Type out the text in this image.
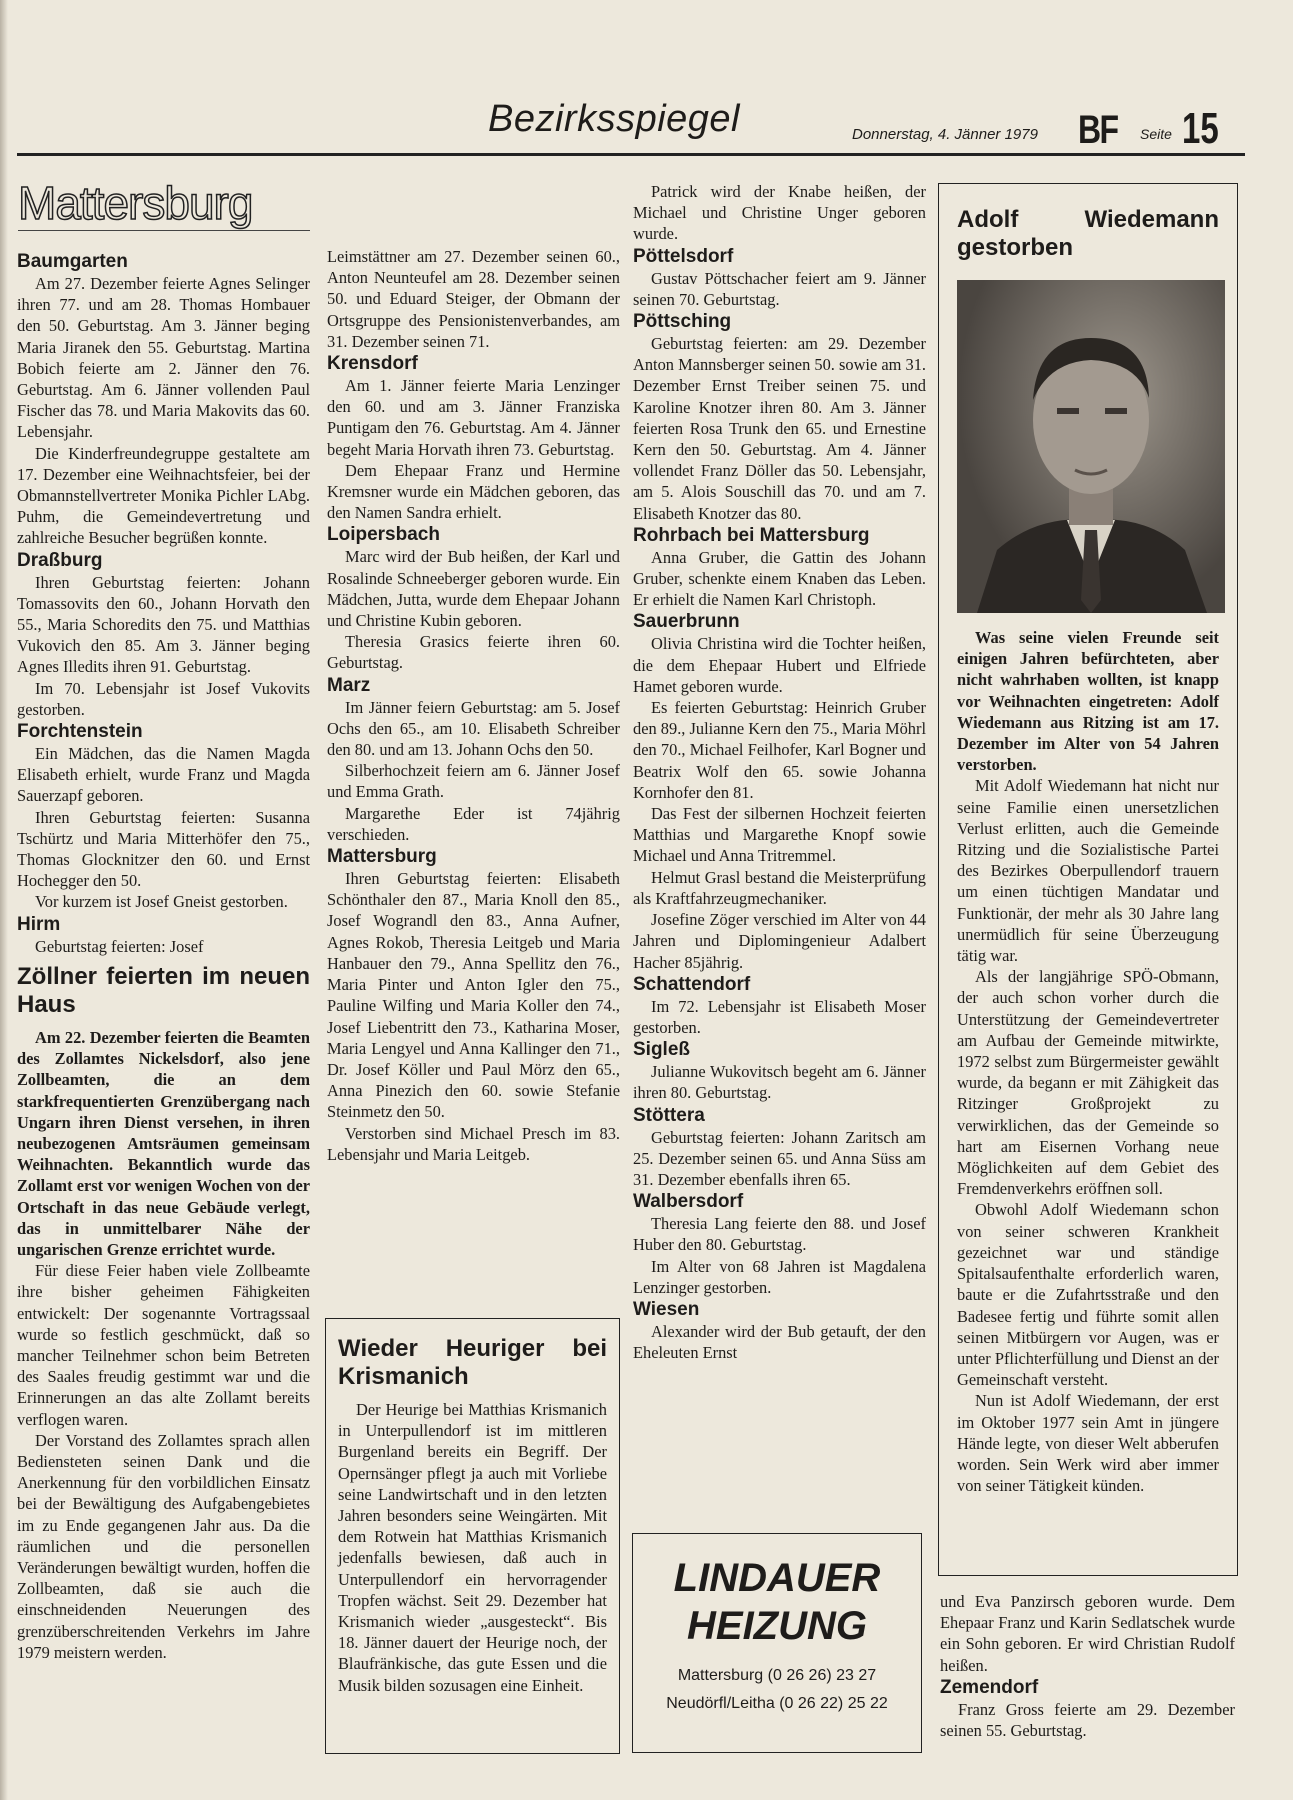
Bezirksspiegel	Donnerstag, 4. Jänner 1979 BF Seite 15
Mattersburg
Baumgarten

Am 27. Dezember feierte Agnes Selinger ihren 77. und am 28. Thomas Hombauer den 50. Geburtstag. Am 3. Jänner beging Maria Jiranek den 55. Geburtstag. Martina Bobich feierte am 2. Jänner den 76. Geburtstag. Am 6. Jänner vollenden Paul Fischer das 78. und Maria Makovits das 60. Lebensjahr.

Die Kinderfreundegruppe gestaltete am 17. Dezember eine Weihnachtsfeier, bei der Obmannstellvertreter Monika Pichler LAbg. Puhm, die Gemeindevertretung und zahlreiche Besucher begrüßen konnte.

Draßburg

Ihren Geburtstag feierten: Johann Tomassovits den 60., Johann Horvath den 55., Maria Schoredits den 75. und Matthias Vukovich den 85. Am 3. Jänner beging Agnes Illedits ihren 91. Geburtstag.

Im 70. Lebensjahr ist Josef Vukovits gestorben.

Forchtenstein

Ein Mädchen, das die Namen Magda Elisabeth erhielt, wurde Franz und Magda Sauerzapf geboren.

Ihren Geburtstag feierten: Susanna Tschürtz und Maria Mitterhöfer den 75., Thomas Glocknitzer den 60. und Ernst Hochegger den 50.

Vor kurzem ist Josef Gneist gestorben.

Hirm

Geburtstag feierten: Josef

Zöllner feierten im neuen Haus

Am 22. Dezember feierten die Beamten des Zollamtes Nickelsdorf, also jene Zollbeamten, die an dem starkfrequentierten Grenzübergang nach Ungarn ihren Dienst versehen, in ihren neubezogenen Amtsräumen gemeinsam Weihnachten. Bekanntlich wurde das Zollamt erst vor wenigen Wochen von der Ortschaft in das neue Gebäude verlegt, das in unmittelbarer Nähe der ungarischen Grenze errichtet wurde.

Für diese Feier haben viele Zollbeamte ihre bisher geheimen Fähigkeiten entwickelt: Der sogenannte Vortragssaal wurde so festlich geschmückt, daß so mancher Teilnehmer schon beim Betreten des Saales freudig gestimmt war und die Erinnerungen an das alte Zollamt bereits verflogen waren.

Der Vorstand des Zollamtes sprach allen Bediensteten seinen Dank und die Anerkennung für den vorbildlichen Einsatz bei der Bewältigung des Aufgabengebietes im zu Ende gegangenen Jahr aus. Da die räumlichen und die personellen Veränderungen bewältigt wurden, hoffen die Zollbeamten, daß sie auch die einschneidenden Neuerungen des grenzüberschreitenden Verkehrs im Jahre 1979 meistern werden.

Leimstättner am 27. Dezember seinen 60., Anton Neunteufel am 28. Dezember seinen 50. und Eduard Steiger, der Obmann der Ortsgruppe des Pensionistenverbandes, am 31. Dezember seinen 71.

Krensdorf

Am 1. Jänner feierte Maria Lenzinger den 60. und am 3. Jänner Franziska Puntigam den 76. Geburtstag. Am 4. Jänner begeht Maria Horvath ihren 73. Geburtstag.

Dem Ehepaar Franz und Hermine Kremsner wurde ein Mädchen geboren, das den Namen Sandra erhielt.

Loipersbach

Marc wird der Bub heißen, der Karl und Rosalinde Schneeberger geboren wurde. Ein Mädchen, Jutta, wurde dem Ehepaar Johann und Christine Kubin geboren.

Theresia Grasics feierte ihren 60. Geburtstag.

Marz

Im Jänner feiern Geburtstag: am 5. Josef Ochs den 65., am 10. Elisabeth Schreiber den 80. und am 13. Johann Ochs den 50.

Silberhochzeit feiern am 6. Jänner Josef und Emma Grath.

Margarethe Eder ist 74jährig verschieden.

Mattersburg

Ihren Geburtstag feierten: Elisabeth Schönthaler den 87., Maria Knoll den 85., Josef Wograndl den 83., Anna Aufner, Agnes Rokob, Theresia Leitgeb und Maria Hanbauer den 79., Anna Spellitz den 76., Maria Pinter und Anton Igler den 75., Pauline Wilfing und Maria Koller den 74., Josef Liebentritt den 73., Katharina Moser, Maria Lengyel und Anna Kallinger den 71., Dr. Josef Köller und Paul Mörz den 65., Anna Pinezich den 60. sowie Stefanie Steinmetz den 50.

Verstorben sind Michael Presch im 83. Lebensjahr und Maria Leitgeb.

Wieder Heuriger bei Krismanich

Der Heurige bei Matthias Krismanich in Unterpullendorf ist im mittleren Burgenland bereits ein Begriff. Der Opernsänger pflegt ja auch mit Vorliebe seine Landwirtschaft und in den letzten Jahren besonders seine Weingärten. Mit dem Rotwein hat Matthias Krismanich jedenfalls bewiesen, daß auch in Unterpullendorf ein hervorragender Tropfen wächst. Seit 29. Dezember hat Krismanich wieder „ausgesteckt“. Bis 18. Jänner dauert der Heurige noch, der Blaufränkische, das gute Essen und die Musik bilden sozusagen eine Einheit.

Patrick wird der Knabe heißen, der Michael und Christine Unger geboren wurde.

Pöttelsdorf

Gustav Pöttschacher feiert am 9. Jänner seinen 70. Geburtstag.

Pöttsching

Geburtstag feierten: am 29. Dezember Anton Mannsberger seinen 50. sowie am 31. Dezember Ernst Treiber seinen 75. und Karoline Knotzer ihren 80. Am 3. Jänner feierten Rosa Trunk den 65. und Ernestine Kern den 50. Geburtstag. Am 4. Jänner vollendet Franz Döller das 50. Lebensjahr, am 5. Alois Souschill das 70. und am 7. Elisabeth Knotzer das 80.

Rohrbach bei Mattersburg

Anna Gruber, die Gattin des Johann Gruber, schenkte einem Knaben das Leben. Er erhielt die Namen Karl Christoph.

Sauerbrunn

Olivia Christina wird die Tochter heißen, die dem Ehepaar Hubert und Elfriede Hamet geboren wurde.

Es feierten Geburtstag: Heinrich Gruber den 89., Julianne Kern den 75., Maria Möhrl den 70., Michael Feilhofer, Karl Bogner und Beatrix Wolf den 65. sowie Johanna Kornhofer den 81.

Das Fest der silbernen Hochzeit feierten Matthias und Margarethe Knopf sowie Michael und Anna Tritremmel.

Helmut Grasl bestand die Meisterprüfung als Kraftfahrzeugmechaniker.

Josefine Zöger verschied im Alter von 44 Jahren und Diplomingenieur Adalbert Hacher 85jährig.

Schattendorf

Im 72. Lebensjahr ist Elisabeth Moser gestorben.

Sigleß

Julianne Wukovitsch begeht am 6. Jänner ihren 80. Geburtstag.

Stöttera

Geburtstag feierten: Johann Zaritsch am 25. Dezember seinen 65. und Anna Süss am 31. Dezember ebenfalls ihren 65.

Walbersdorf

Theresia Lang feierte den 88. und Josef Huber den 80. Geburtstag.

Im Alter von 68 Jahren ist Magdalena Lenzinger gestorben.

Wiesen

Alexander wird der Bub getauft, der den Eheleuten Ernst

LINDAUER
HEIZUNG
Mattersburg (0 26 26) 23 27
Neudörfl/Leitha (0 26 22) 25 22
Adolf Wiedemann gestorben

Was seine vielen Freunde seit einigen Jahren befürchteten, aber nicht wahrhaben wollten, ist knapp vor Weihnachten eingetreten: Adolf Wiedemann aus Ritzing ist am 17. Dezember im Alter von 54 Jahren verstorben.

Mit Adolf Wiedemann hat nicht nur seine Familie einen unersetzlichen Verlust erlitten, auch die Gemeinde Ritzing und die Sozialistische Partei des Bezirkes Oberpullendorf trauern um einen tüchtigen Mandatar und Funktionär, der mehr als 30 Jahre lang unermüdlich für seine Überzeugung tätig war.

Als der langjährige SPÖ-Obmann, der auch schon vorher durch die Unterstützung der Gemeindevertreter am Aufbau der Gemeinde mitwirkte, 1972 selbst zum Bürgermeister gewählt wurde, da begann er mit Zähigkeit das Ritzinger Großprojekt zu verwirklichen, das der Gemeinde so hart am Eisernen Vorhang neue Möglichkeiten auf dem Gebiet des Fremdenverkehrs eröffnen soll.

Obwohl Adolf Wiedemann schon von seiner schweren Krankheit gezeichnet war und ständige Spitalsaufenthalte erforderlich waren, baute er die Zufahrtsstraße und den Badesee fertig und führte somit allen seinen Mitbürgern vor Augen, was er unter Pflichterfüllung und Dienst an der Gemeinschaft versteht.

Nun ist Adolf Wiedemann, der erst im Oktober 1977 sein Amt in jüngere Hände legte, von dieser Welt abberufen worden. Sein Werk wird aber immer von seiner Tätigkeit künden.

und Eva Panzirsch geboren wurde. Dem Ehepaar Franz und Karin Sedlatschek wurde ein Sohn geboren. Er wird Christian Rudolf heißen.

Zemendorf

Franz Gross feierte am 29. Dezember seinen 55. Geburtstag.
